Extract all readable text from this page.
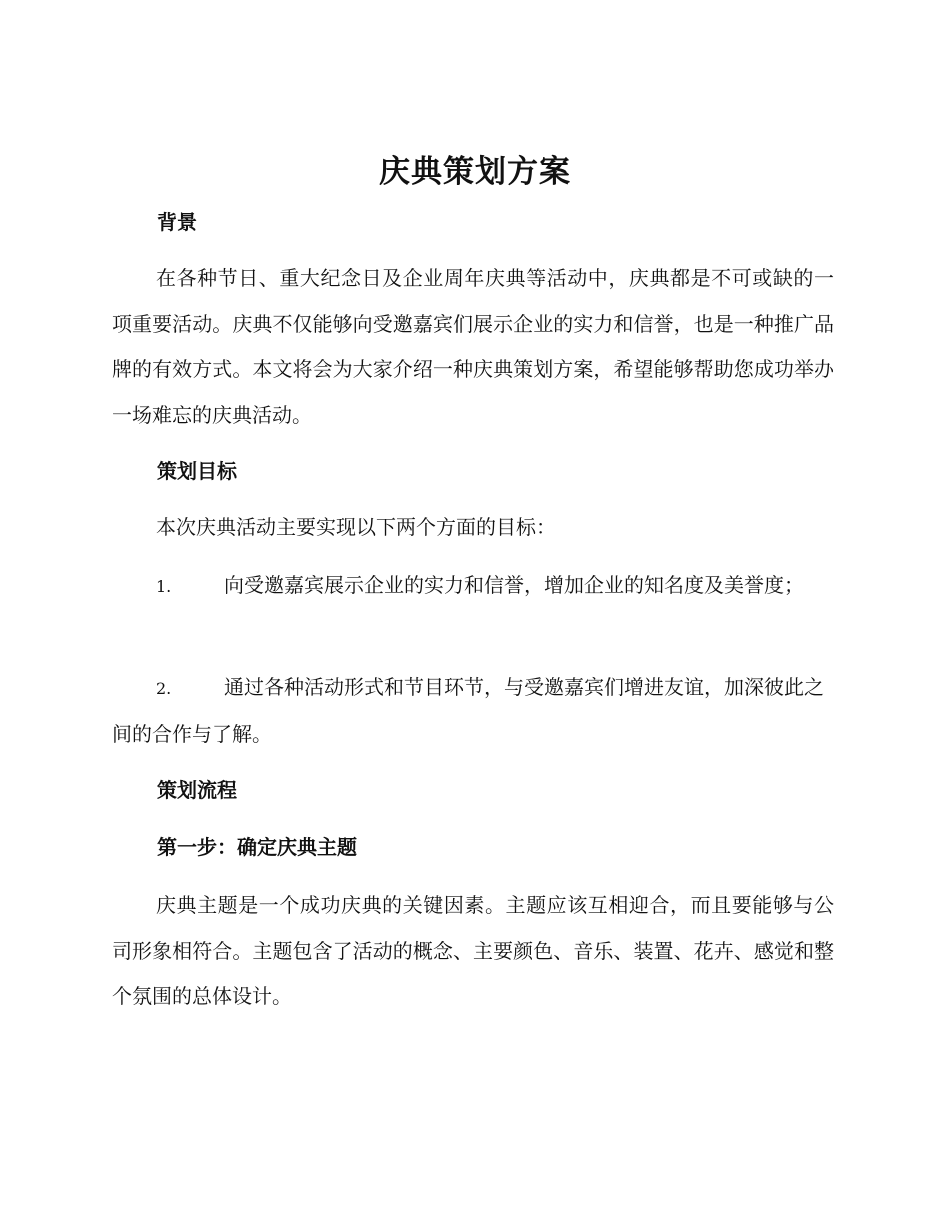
庆典策划方案
背景
在各种节日、重大纪念日及企业周年庆典等活动中，庆典都是不可或缺的一项重要活动。庆典不仅能够向受邀嘉宾们展示企业的实力和信誉，也是一种推广品牌的有效方式。本文将会为大家介绍一种庆典策划方案，希望能够帮助您成功举办一场难忘的庆典活动。
策划目标
本次庆典活动主要实现以下两个方面的目标：
1.	向受邀嘉宾展示企业的实力和信誉，增加企业的知名度及美誉度；
2.	通过各种活动形式和节目环节，与受邀嘉宾们增进友谊，加深彼此之间的合作与了解。
策划流程
第一步：确定庆典主题
庆典主题是一个成功庆典的关键因素。主题应该互相迎合，而且要能够与公司形象相符合。主题包含了活动的概念、主要颜色、音乐、装置、花卉、感觉和整个氛围的总体设计。
